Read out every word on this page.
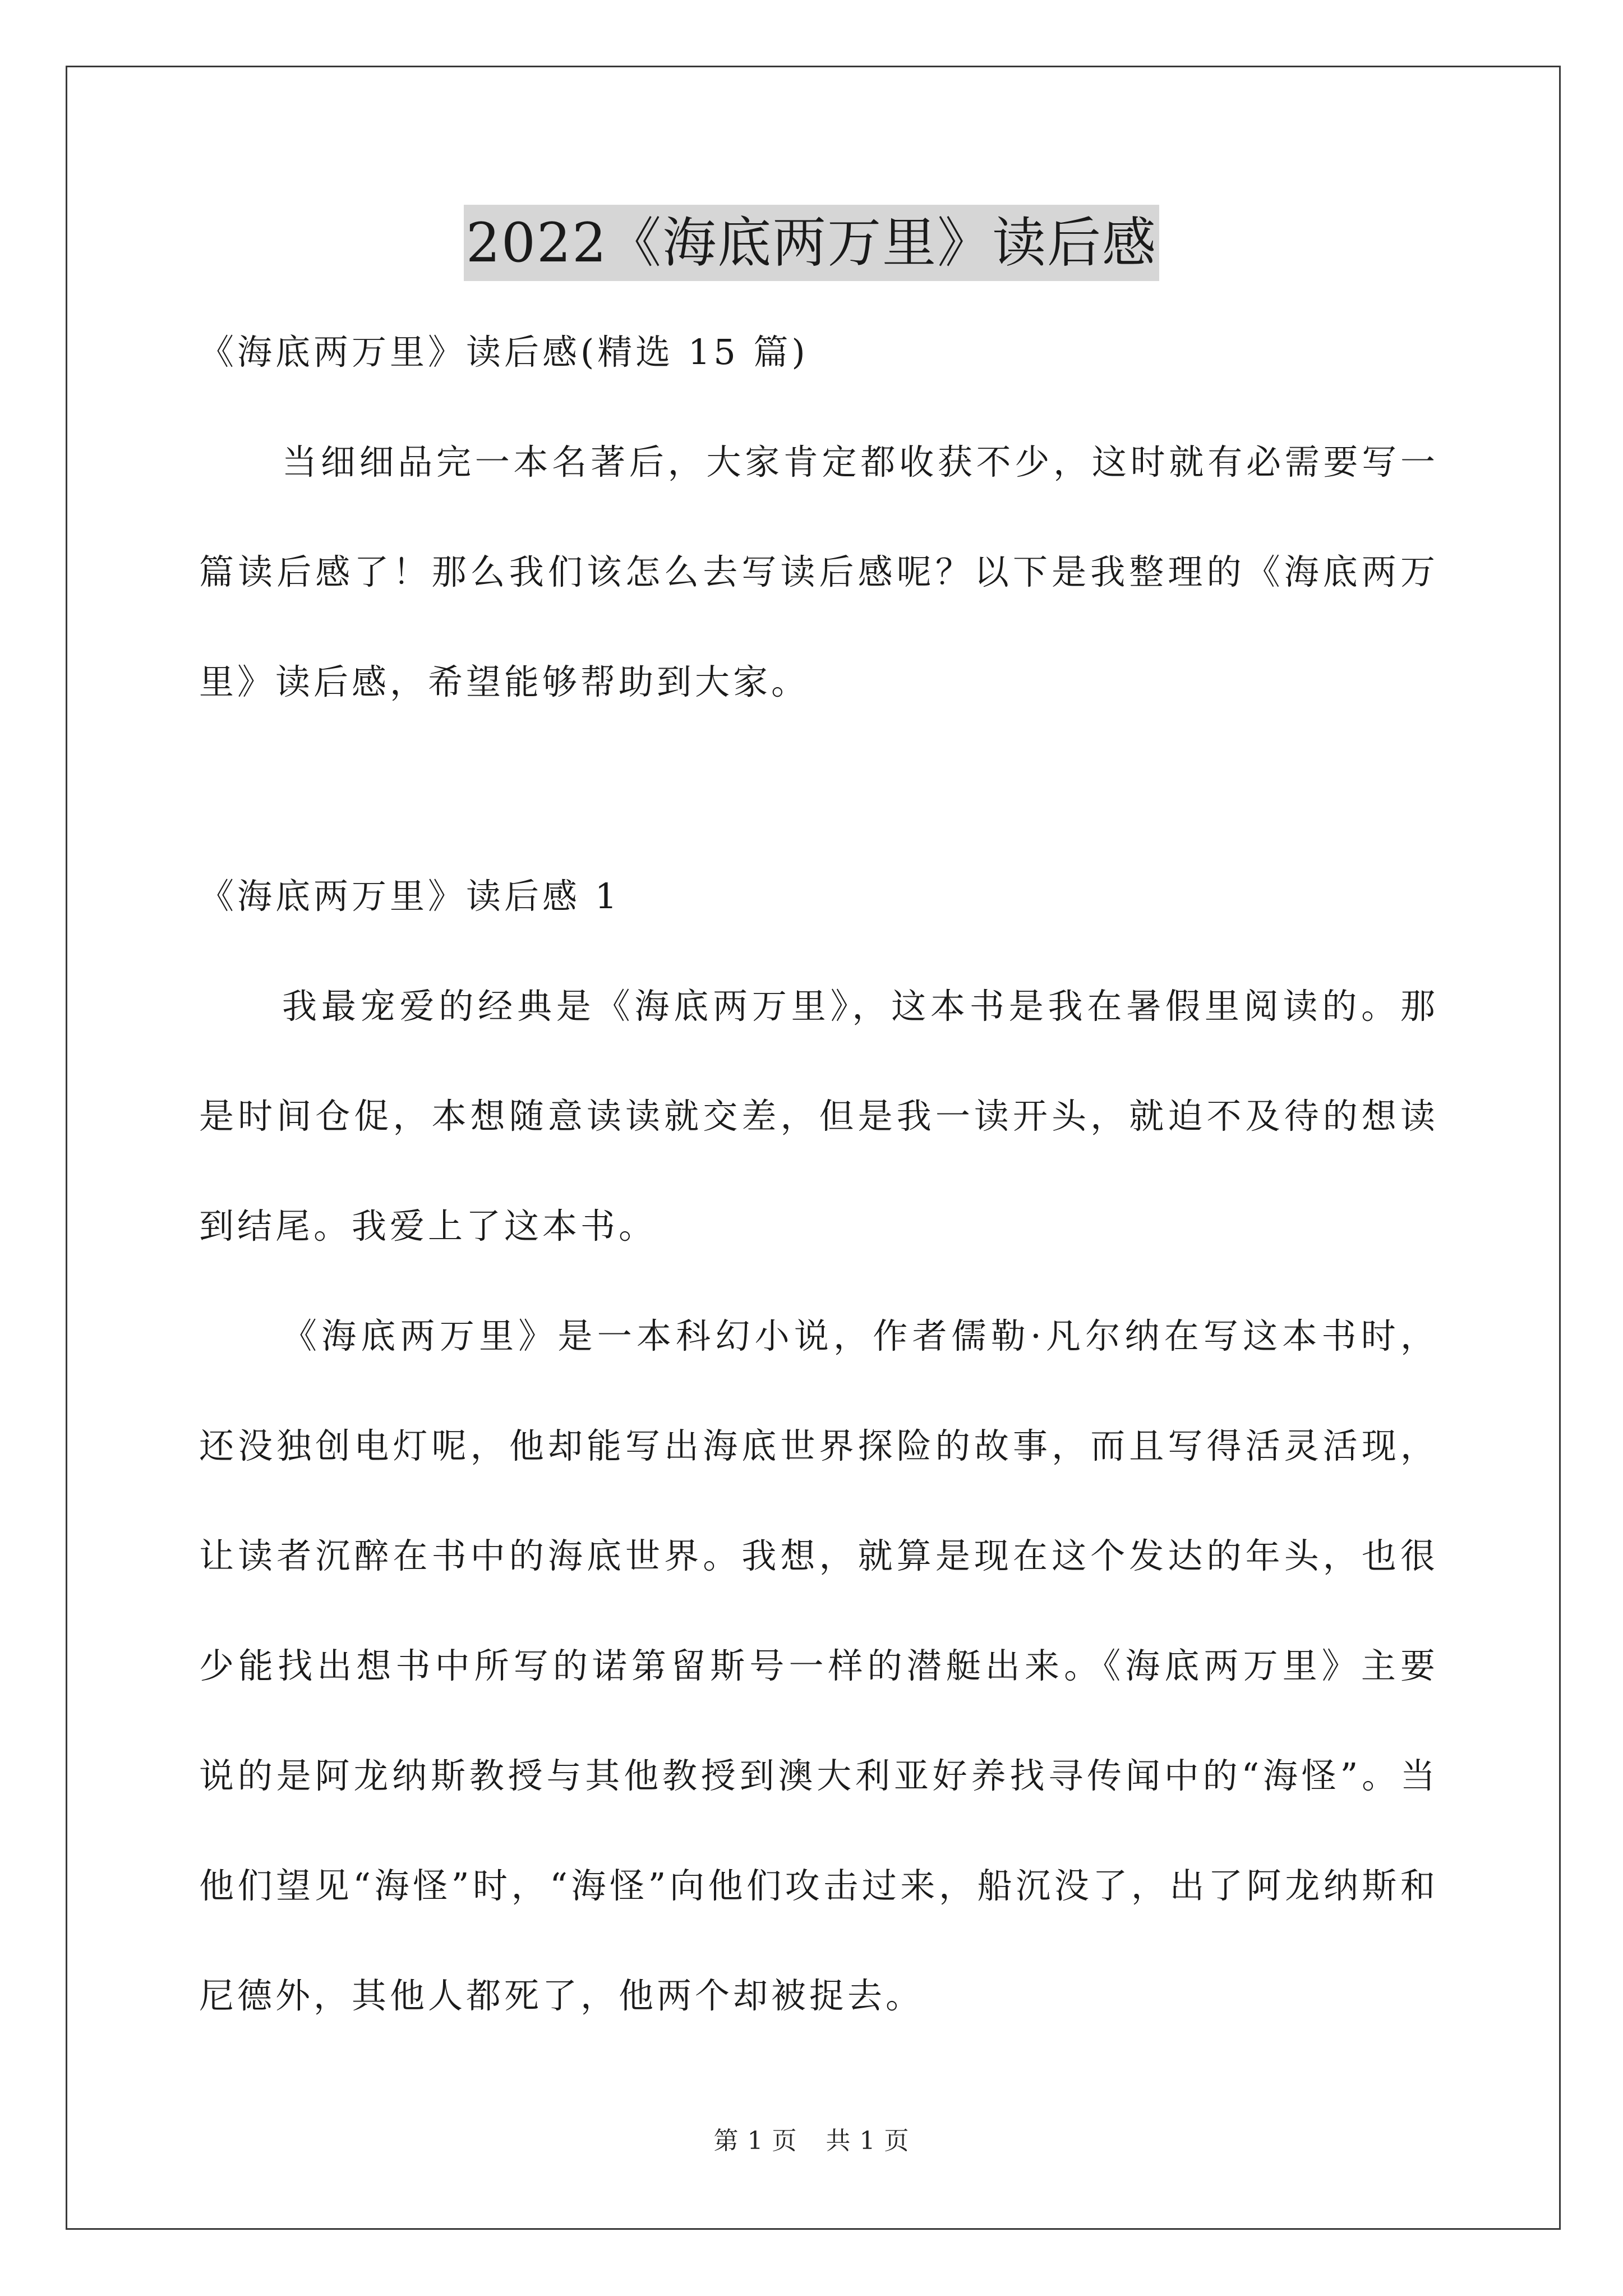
2022《海底两万里》读后感

《海底两万里》读后感(精选 15 篇)

当细细品完一本名著后，大家肯定都收获不少，这时就有必需要写一篇读后感了！那么我们该怎么去写读后感呢？以下是我整理的《海底两万里》读后感，希望能够帮助到大家。

《海底两万里》读后感 1

我最宠爱的经典是《海底两万里》，这本书是我在暑假里阅读的。那是时间仓促，本想随意读读就交差，但是我一读开头，就迫不及待的想读到结尾。我爱上了这本书。

《海底两万里》是一本科幻小说，作者儒勒·凡尔纳在写这本书时，还没独创电灯呢，他却能写出海底世界探险的故事，而且写得活灵活现，让读者沉醉在书中的海底世界。我想，就算是现在这个发达的年头，也很少能找出想书中所写的诺第留斯号一样的潜艇出来。《海底两万里》主要说的是阿龙纳斯教授与其他教授到澳大利亚好养找寻传闻中的“海怪”。当他们望见“海怪”时，“海怪”向他们攻击过来，船沉没了，出了阿龙纳斯和尼德外，其他人都死了，他两个却被捉去。

第 1 页 共 1 页
